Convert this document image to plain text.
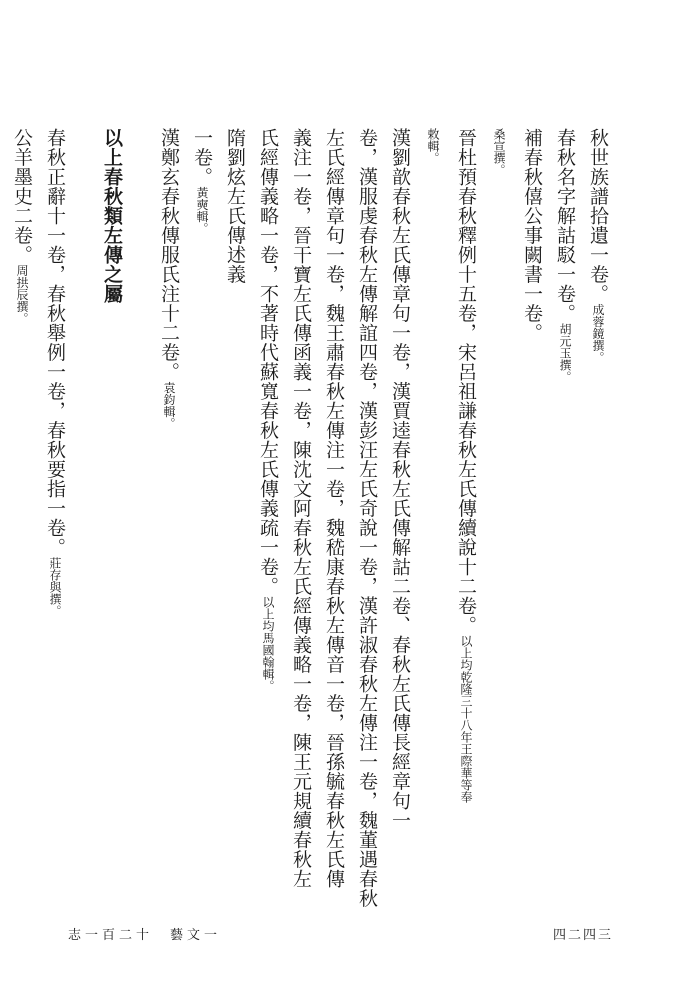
秋世族譜拾遺一卷。成蓉鏡撰。
春秋名字解詁駁一卷。胡元玉撰。
補春秋僖公事闕書一卷。
桑宣撰。
晉杜預春秋釋例十五卷，宋呂祖謙春秋左氏傳續說十二卷。以上均乾隆三十八年王際華等奉
敕輯。
漢劉歆春秋左氏傳章句一卷，漢賈逵春秋左氏傳解詁二卷、春秋左氏傳長經章句一
卷，漢服虔春秋左傳解誼四卷，漢彭汪左氏奇說一卷，漢許淑春秋左傳注一卷，魏董遇春秋
左氏經傳章句一卷，魏王肅春秋左傳注一卷，魏嵇康春秋左傳音一卷，晉孫毓春秋左氏傳
義注一卷，晉干寶左氏傳函義一卷，陳沈文阿春秋左氏經傳義略一卷，陳王元規續春秋左
氏經傳義略一卷，不著時代蘇寬春秋左氏傳義疏一卷。以上均馬國翰輯。
隋劉炫左氏傳述義
一卷。黃奭輯。
漢鄭玄春秋傳服氏注十二卷。袁鈞輯。
以上春秋類左傳之屬
春秋正辭十一卷，春秋舉例一卷，春秋要指一卷。莊存與撰。
公羊墨史二卷。周拱辰撰。
志一百二十　藝文一	四二四三
